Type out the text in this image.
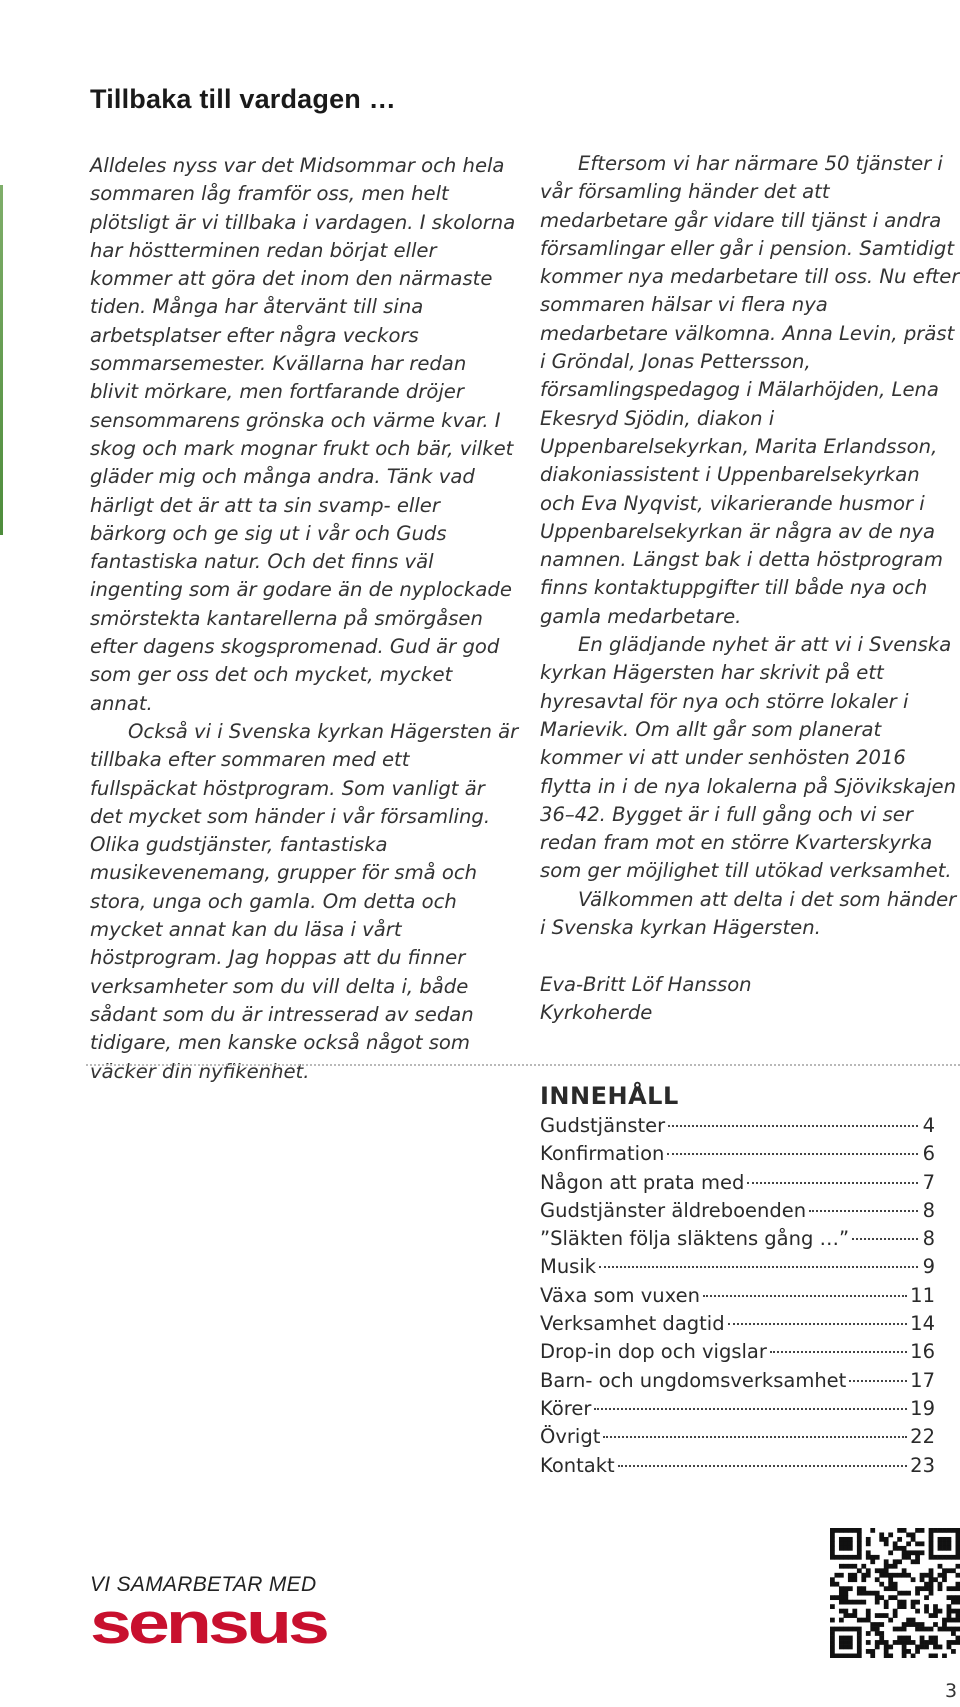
Tillbaka till vardagen …

Alldeles nyss var det Midsommar och hela sommaren låg framför oss, men helt plötsligt är vi tillbaka i vardagen. I skolorna har höstterminen redan börjat eller kommer att göra det inom den närmaste tiden. Många har återvänt till sina arbetsplatser efter några veckors sommarsemester. Kvällarna har redan blivit mörkare, men fortfarande dröjer sensommarens grönska och värme kvar. I skog och mark mognar frukt och bär, vilket gläder mig och många andra. Tänk vad härligt det är att ta sin svamp- eller bärkorg och ge sig ut i vår och Guds fantastiska natur. Och det finns väl ingenting som är godare än de nyplockade smörstekta kantarellerna på smörgåsen efter dagens skogspromenad. Gud är god som ger oss det och mycket, mycket annat.

Också vi i Svenska kyrkan Hägersten är tillbaka efter sommaren med ett fullspäckat höstprogram. Som vanligt är det mycket som händer i vår församling. Olika gudstjänster, fantastiska musikevenemang, grupper för små och stora, unga och gamla. Om detta och mycket annat kan du läsa i vårt höstprogram. Jag hoppas att du finner verksamheter som du vill delta i, både sådant som du är intresserad av sedan tidigare, men kanske också något som väcker din nyfikenhet.

Eftersom vi har närmare 50 tjänster i vår församling händer det att medarbetare går vidare till tjänst i andra församlingar eller går i pension. Samtidigt kommer nya medarbetare till oss. Nu efter sommaren hälsar vi flera nya medarbetare välkomna. Anna Levin, präst i Gröndal, Jonas Pettersson, församlingspedagog i Mälarhöjden, Lena Ekesryd Sjödin, diakon i Uppenbarelsekyrkan, Marita Erlandsson, diakoniassistent i Uppenbarelsekyrkan och Eva Nyqvist, vikarierande husmor i Uppenbarelsekyrkan är några av de nya namnen. Längst bak i detta höstprogram finns kontaktuppgifter till både nya och gamla medarbetare.

En glädjande nyhet är att vi i Svenska kyrkan Hägersten har skrivit på ett hyresavtal för nya och större lokaler i Marievik. Om allt går som planerat kommer vi att under senhösten 2016 flytta in i de nya lokalerna på Sjövikskajen 36–42. Bygget är i full gång och vi ser redan fram mot en större Kvarterskyrka som ger möjlighet till utökad verksamhet.

Välkommen att delta i det som händer i Svenska kyrkan Hägersten.

Eva-Britt Löf Hansson
Kyrkoherde
INNEHÅLL
Gudstjänster	4
Konfirmation	6
Någon att prata med	7
Gudstjänster äldreboenden	8
”Släkten följa släktens gång …”	8
Musik	9
Växa som vuxen	11
Verksamhet dagtid	14
Drop-in dop och vigslar	16
Barn- och ungdomsverksamhet	17
Körer	19
Övrigt	22
Kontakt	23
VI SAMARBETAR MED
sensus
3
